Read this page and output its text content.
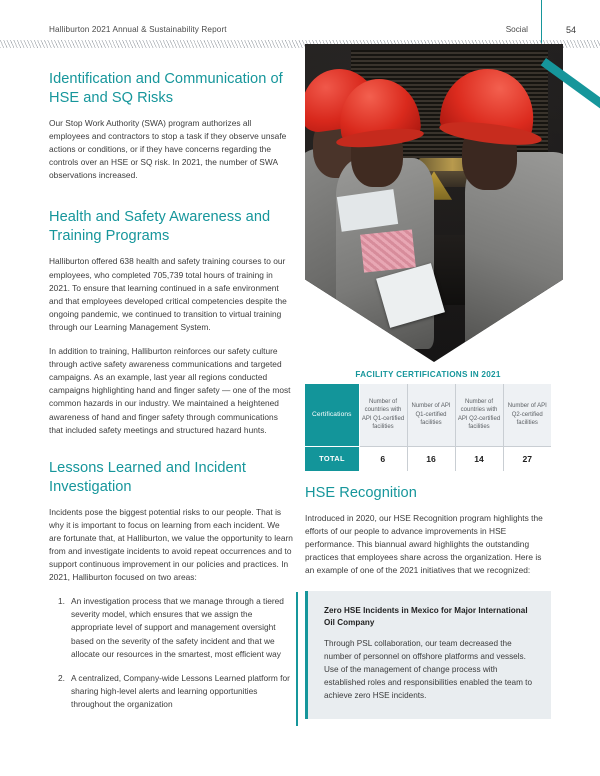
Halliburton 2021 Annual & Sustainability Report	Social	54
Identification and Communication of HSE and SQ Risks

Our Stop Work Authority (SWA) program authorizes all employees and contractors to stop a task if they observe unsafe actions or conditions, or if they have concerns regarding the controls over an HSE or SQ risk. In 2021, the number of SWA observations increased.

Health and Safety Awareness and Training Programs

Halliburton offered 638 health and safety training courses to our employees, who completed 705,739 total hours of training in 2021. To ensure that learning continued in a safe environment and that employees developed critical competencies despite the ongoing pandemic, we continued to transition to virtual training through our Learning Management System.

In addition to training, Halliburton reinforces our safety culture through active safety awareness communications and targeted campaigns. As an example, last year all regions conducted campaigns highlighting hand and finger safety — one of the most common hazards in our industry. We maintained a heightened awareness of hand and finger safety through communications that included safety meetings and structured hazard hunts.

Lessons Learned and Incident Investigation

Incidents pose the biggest potential risks to our people. That is why it is important to focus on learning from each incident. We are fortunate that, at Halliburton, we value the opportunity to learn from and investigate incidents to avoid repeat occurrences and to support continuous improvement in our policies and practices. In 2021, Halliburton focused on two areas:

An investigation process that we manage through a tiered severity model, which ensures that we assign the appropriate level of support and management oversight based on the severity of the safety incident and that we allocate our resources in the smartest, most efficient way
A centralized, Company-wide Lessons Learned platform for sharing high-level alerts and learning opportunities throughout the organization
FACILITY CERTIFICATIONS IN 2021
Certifications	Number of countries with API Q1-certified facilities	Number of API Q1-certified facilities	Number of countries with API Q2-certified facilities	Number of API Q2-certified facilities
TOTAL	6	16	14	27
HSE Recognition

Introduced in 2020, our HSE Recognition program highlights the efforts of our people to advance improvements in HSE performance. This biannual award highlights the outstanding practices that employees share across the organization. Here is an example of one of the 2021 initiatives that we recognized:

Zero HSE Incidents in Mexico for Major International Oil Company

Through PSL collaboration, our team decreased the number of personnel on offshore platforms and vessels. Use of the management of change process with established roles and responsibilities enabled the team to achieve zero HSE incidents.
